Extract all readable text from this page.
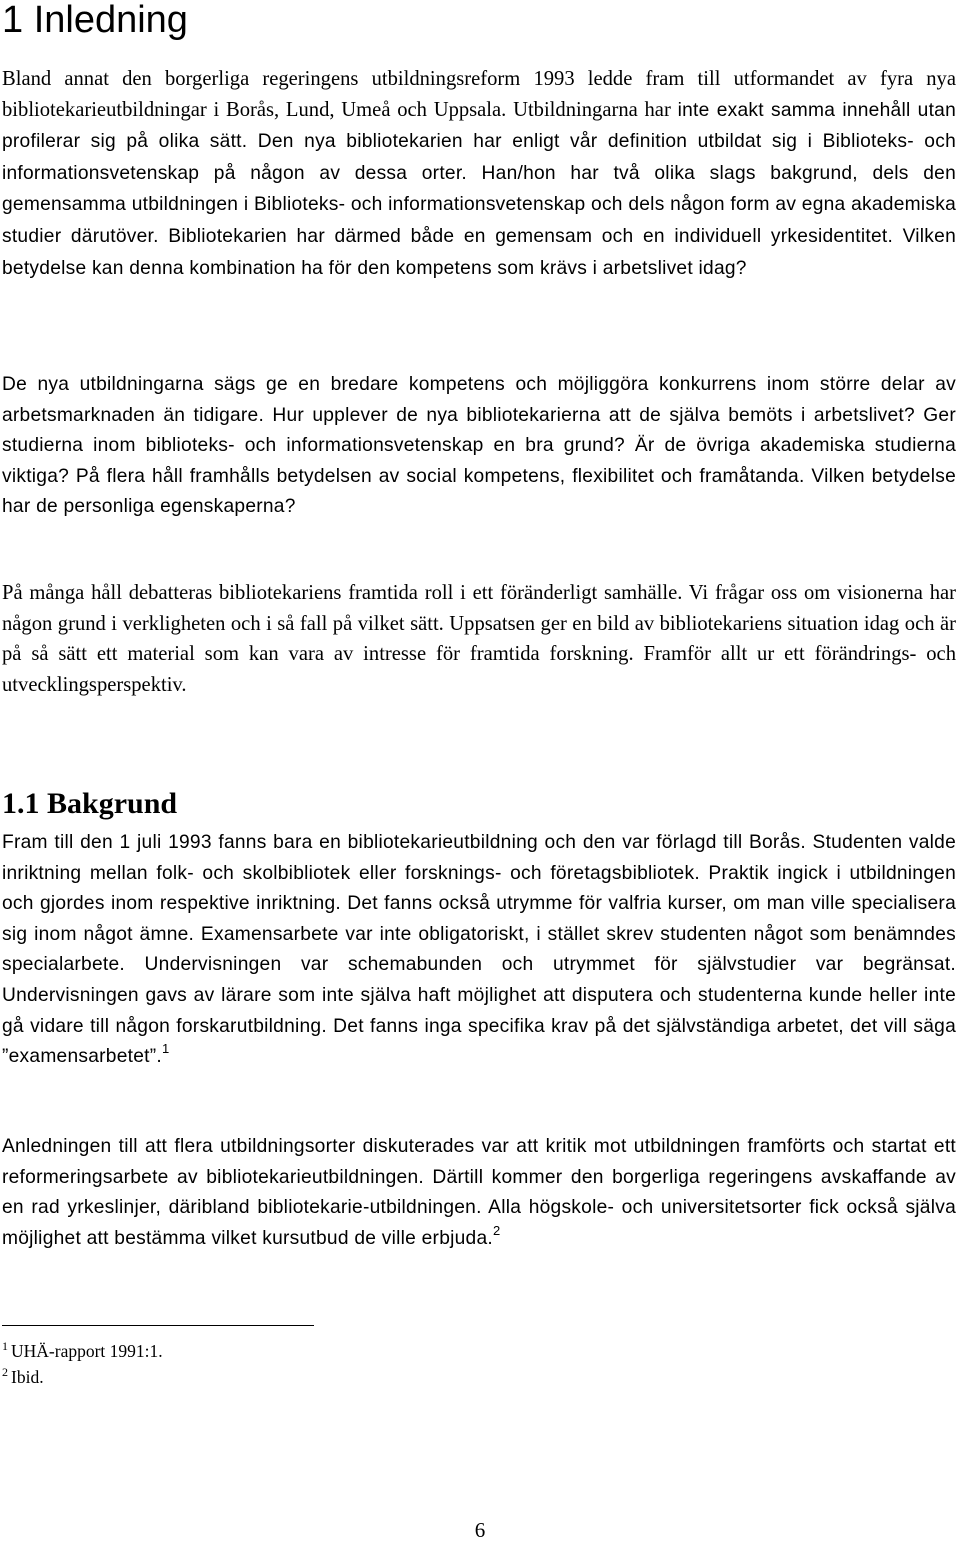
1 Inledning

Bland annat den borgerliga regeringens utbildningsreform 1993 ledde fram till utformandet av fyra nya bibliotekarieutbildningar i Borås, Lund, Umeå och Uppsala. Utbildningarna har inte exakt samma innehåll utan profilerar sig på olika sätt. Den nya bibliotekarien har enligt vår definition utbildat sig i Biblioteks- och informationsvetenskap på någon av dessa orter. Han/hon har två olika slags bakgrund, dels den gemensamma utbildningen i Biblioteks- och informationsvetenskap och dels någon form av egna akademiska studier därutöver. Bibliotekarien har därmed både en gemensam och en individuell yrkesidentitet. Vilken betydelse kan denna kombination ha för den kompetens som krävs i arbetslivet idag?

De nya utbildningarna sägs ge en bredare kompetens och möjliggöra konkurrens inom större delar av arbetsmarknaden än tidigare. Hur upplever de nya bibliotekarierna att de själva bemöts i arbetslivet? Ger studierna inom biblioteks- och informationsvetenskap en bra grund? Är de övriga akademiska studierna viktiga? På flera håll framhålls betydelsen av social kompetens, flexibilitet och framåtanda. Vilken betydelse har de personliga egenskaperna?

På många håll debatteras bibliotekariens framtida roll i ett föränderligt samhälle. Vi frågar oss om visionerna har någon grund i verkligheten och i så fall på vilket sätt. Uppsatsen ger en bild av bibliotekariens situation idag och är på så sätt ett material som kan vara av intresse för framtida forskning. Framför allt ur ett förändrings- och utvecklingsperspektiv.

1.1 Bakgrund

Fram till den 1 juli 1993 fanns bara en bibliotekarieutbildning och den var förlagd till Borås. Studenten valde inriktning mellan folk- och skolbibliotek eller forsknings- och företagsbibliotek. Praktik ingick i utbildningen och gjordes inom respektive inriktning. Det fanns också utrymme för valfria kurser, om man ville specialisera sig inom något ämne. Examensarbete var inte obligatoriskt, i stället skrev studenten något som benämndes specialarbete. Undervisningen var schemabunden och utrymmet för självstudier var begränsat. Undervisningen gavs av lärare som inte själva haft möjlighet att disputera och studenterna kunde heller inte gå vidare till någon forskarutbildning. Det fanns inga specifika krav på det självständiga arbetet, det vill säga ”examensarbetet”.$^1$

Anledningen till att flera utbildningsorter diskuterades var att kritik mot utbildningen framförts och startat ett reformeringsarbete av bibliotekarieutbildningen. Därtill kommer den borgerliga regeringens avskaffande av en rad yrkeslinjer, däribland bibliotekarie-utbildningen. Alla högskole- och universitetsorter fick också själva möjlighet att bestämma vilket kursutbud de ville erbjuda.$^2$

$^1$ UHÄ-rapport 1991:1.
$^2$ Ibid.
6
